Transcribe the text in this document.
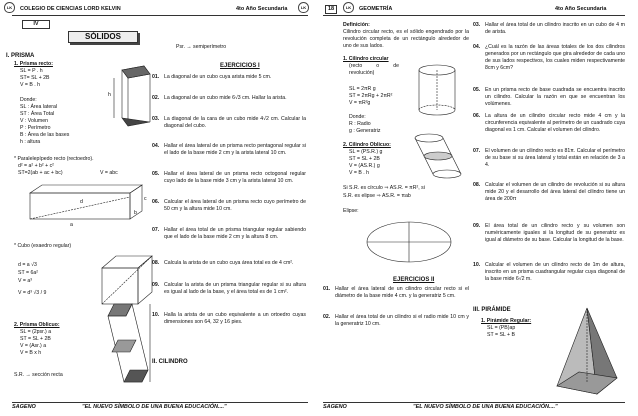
LK	COLEGIO DE CIENCIAS LORD KELVIN	4to Año Secundaria	LK
IV
SÓLIDOS
I. PRISMA
1. Prisma recto:
SL = P . h
ST= SL + 2B
V = B . h
Donde:
SL : Área lateral
ST : Área Total
V : Volumen
P : Perímetro
B : Área de las bases
h : altura
h
* Paralelepípedo recto (rectoedro).
d² = a² + b² + c²
ST=2(ab + ac + bc)	V = abc
a
b
c
d
* Cubo (exaedro regular)
d = a √3
ST = 6a²
V = a³
V = d³ √3 / 9
2. Prisma Oblicuo:
SL = (2psr.) a
ST = SL + 2B
V = (Asr.) a
V = B x h
S.R. → sección recta
Psr. → semiperímetro
EJERCICIOS I
01. La diagonal de un cubo cuya arista mide 5 cm.
02. La diagonal de un cubo mide 6√3 cm. Hallar la arista.
03. La diagonal de la cara de un cubo mide 4√2 cm. Calcular la diagonal del cubo.
04. Hallar el área lateral de un prisma recto pentagonal regular si el lado de la base mide 2 cm y la arista lateral 10 cm.
05. Hallar el área lateral de un prisma recto octogonal regular cuyo lado de la base mide 3 cm y la arista lateral 10 cm.
06. Calcular el área lateral de un prisma recto cuyo perímetro de 50 cm y la altura mide 10 cm.
07. Hallar el área total de un prisma triangular regular sabiendo que el lado de la base mide 2 cm y la altura 8 cm.
08. Calcula la arista de un cubo cuya área total es de 4 cm².
09. Calcular la arista de un prisma triangular regular si su altura es igual al lado de la base, y el área total es de 1 cm².
10. Halla la arista de un cubo equivalente a un ortoedro cuyas dimensiones son 64, 32 y 16 pies.
II. CILINDRO
SAGENO	"EL NUEVO SÍMBOLO DE UNA BUENA EDUCACIÓN...."
18	LK	GEOMETRÍA	4to Año Secundaria
Definición:
Cilindro circular recto, es el sólido engendrado por la revolución completa de un rectángulo alrededor de uno de sus lados.
1. Cilindro circular
(recto o de revolución)
SL = 2πR g
ST = 2πRg + 2πR²
V = πR²g
Donde:
R : Radio
g : Generatriz
2. Cilindro Oblicuo:
SL = (PS.R.) g
ST = SL + 2B
V = (AS.R.) g
V = B . h
Si S.R. es círculo ⇒ AS.R. = πR², si
S.R. es elipse ⇒ AS.R. = πab
Elipse:
EJERCICIOS II
01. Hallar el área lateral de un cilindro circular recto si el diámetro de la base mide 4 cm. y la generatriz 5 cm.
02. Hallar el área total de un cilindro si el radio mide 10 cm y la generatriz 10 cm.
03. Hallar el área total de un cilindro inscrito en un cubo de 4 m de arista.
04. ¿Cuál es la razón de las áreas totales de los dos cilindros generados por un rectángulo que gira alrededor de cada uno de sus lados respectivos, los cuales miden respectivamente 8cm y 6cm?
05. En un prisma recto de base cuadrada se encuentra inscrito un cilindro. Calcular la razón en que se encuentran los volúmenes.
06. La altura de un cilindro circular recto mide 4 cm y la circunferencia equivalente al perímetro de un cuadrado cuya diagonal es 1 cm. Calcular el volumen del cilindro.
07. El volumen de un cilindro recto es 81π. Calcular el perímetro de su base si su área lateral y total están en relación de 3 a 4.
08. Calcular el volumen de un cilindro de revolución si su altura mide 20 y el desarrollo del área lateral del cilindro tiene un área de 200π
09. El área total de un cilindro recto y su volumen son numéricamente iguales si la longitud de su generatriz es igual al diámetro de su base. Calcular la longitud de la base.
10. Calcular el volumen de un cilindro recto de 1m de altura, inscrito en un prisma cuadrangular regular cuya diagonal de la base mide 6√2 m.
III. PIRÁMIDE
1. Pirámide Regular:
SL = (PB)ap
ST = SL + B
SAGENO	"EL NUEVO SÍMBOLO DE UNA BUENA EDUCACIÓN...."
